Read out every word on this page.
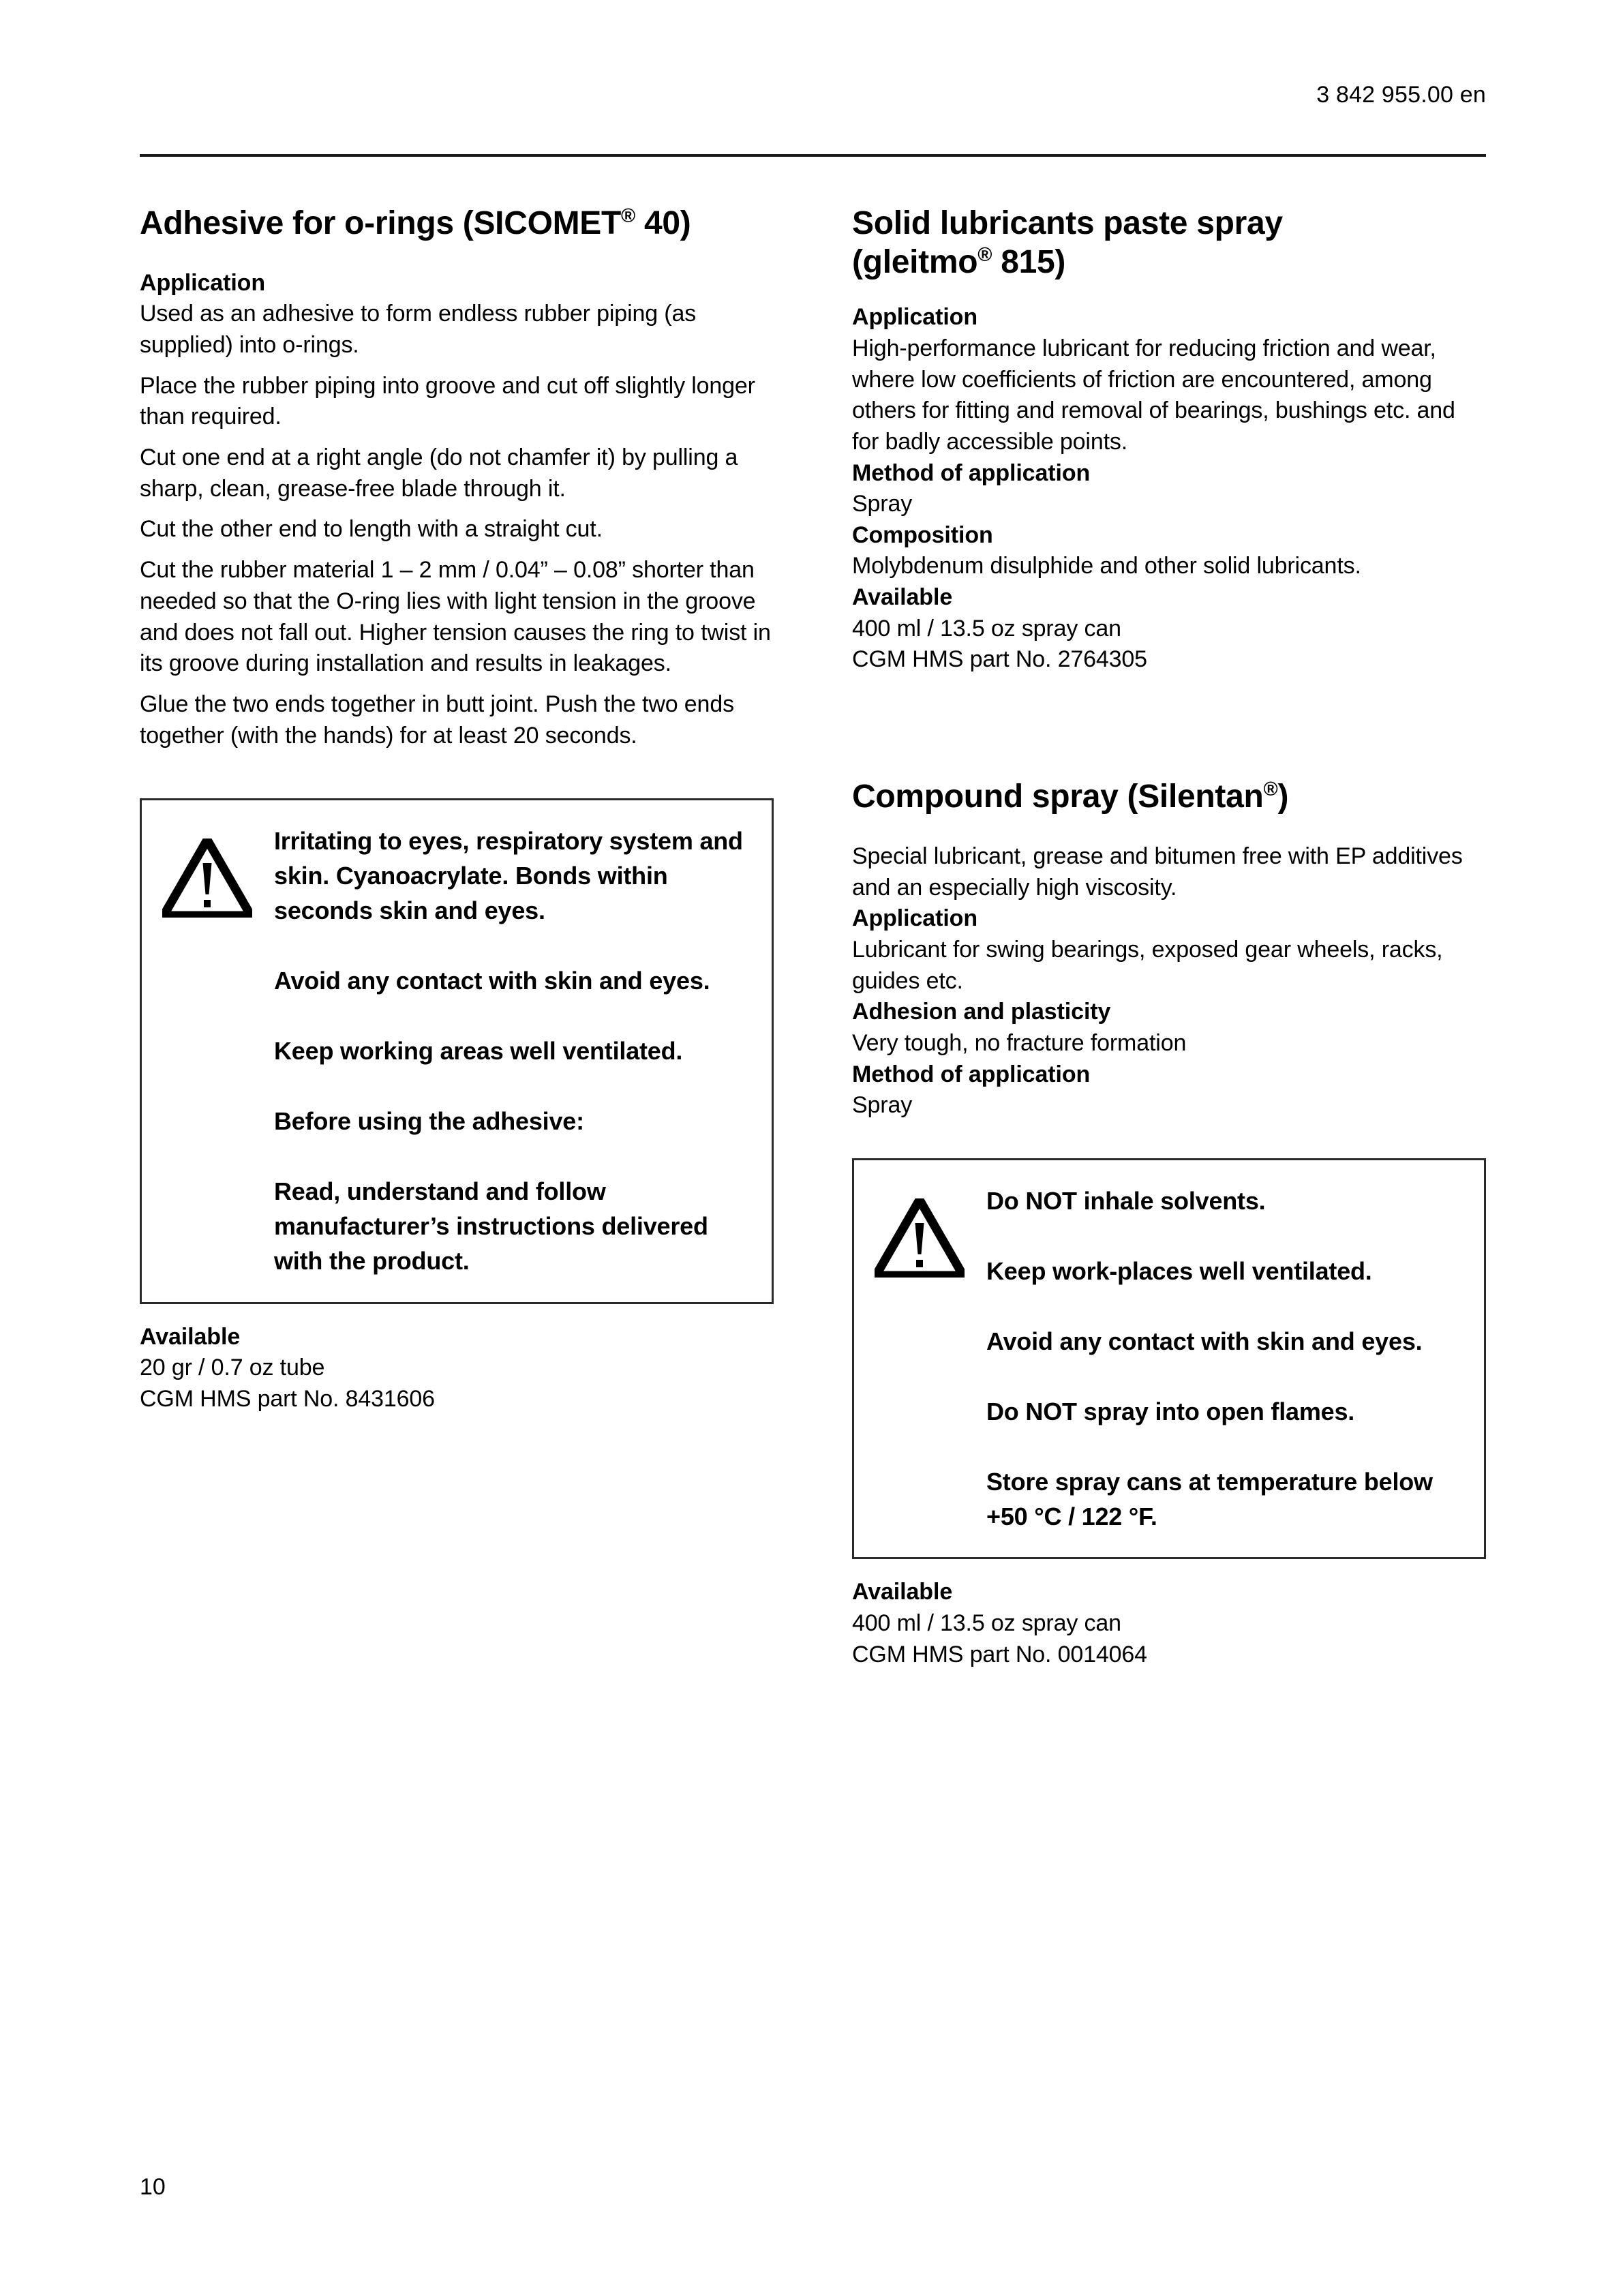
3 842 955.00 en
Adhesive for o-rings (SICOMET® 40)
Application

Used as an adhesive to form endless rubber piping (as supplied) into o-rings.

Place the rubber piping into groove and cut off slightly longer than required.

Cut one end at a right angle (do not chamfer it) by pulling a sharp, clean, grease-free blade through it.

Cut the other end to length with a straight cut.

Cut the rubber material 1 – 2 mm / 0.04” – 0.08” shorter than needed so that the O-ring lies with light tension in the groove and does not fall out. Higher tension causes the ring to twist in its groove during installation and results in leakages.

Glue the two ends together in butt joint. Push the two ends together (with the hands) for at least 20 seconds.

Irritating to eyes, respiratory system and skin. Cyanoacrylate. Bonds within seconds skin and eyes.

Avoid any contact with skin and eyes.

Keep working areas well ventilated.

Before using the adhesive:

Read, understand and follow manufacturer’s instructions delivered with the product.

Available

20 gr / 0.7 oz tube

CGM HMS part No. 8431606

Solid lubricants paste spray
(gleitmo® 815)
Application

High-performance lubricant for reducing friction and wear, where low coefficients of friction are encountered, among others for fitting and removal of bearings, bushings etc. and for badly accessible points.

Method of application

Spray

Composition

Molybdenum disulphide and other solid lubricants.

Available

400 ml / 13.5 oz spray can

CGM HMS part No. 2764305

Compound spray (Silentan®)

Special lubricant, grease and bitumen free with EP additives and an especially high viscosity.

Application

Lubricant for swing bearings, exposed gear wheels, racks, guides etc.

Adhesion and plasticity

Very tough, no fracture formation

Method of application

Spray

Do NOT inhale solvents.

Keep work-places well ventilated.

Avoid any contact with skin and eyes.

Do NOT spray into open flames.

Store spray cans at temperature below +50 °C / 122 °F.

Available

400 ml / 13.5 oz spray can

CGM HMS part No. 0014064

10
